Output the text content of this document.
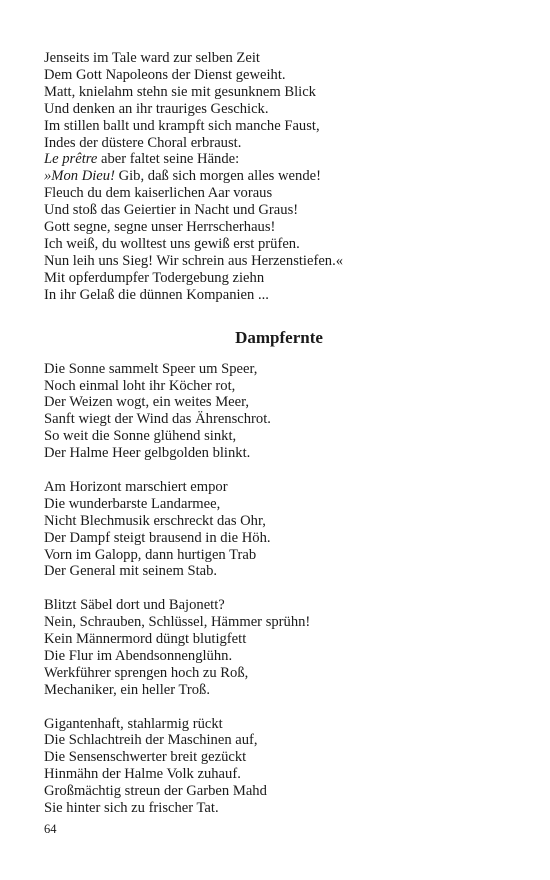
Jenseits im Tale ward zur selben Zeit
Dem Gott Napoleons der Dienst geweiht.
Matt, knielahm stehn sie mit gesunknem Blick
Und denken an ihr trauriges Geschick.
Im stillen ballt und krampft sich manche Faust,
Indes der düstere Choral erbraust.
Le prêtre aber faltet seine Hände:
»Mon Dieu! Gib, daß sich morgen alles wende!
Fleuch du dem kaiserlichen Aar voraus
Und stoß das Geiertier in Nacht und Graus!
Gott segne, segne unser Herrscherhaus!
Ich weiß, du wolltest uns gewiß erst prüfen.
Nun leih uns Sieg! Wir schrein aus Herzenstiefen.«
Mit opferdumpfer Todergebung ziehn
In ihr Gelaß die dünnen Kompanien ...
Dampfernte
Die Sonne sammelt Speer um Speer,
Noch einmal loht ihr Köcher rot,
Der Weizen wogt, ein weites Meer,
Sanft wiegt der Wind das Ährenschrot.
So weit die Sonne glühend sinkt,
Der Halme Heer gelbgolden blinkt.
Am Horizont marschiert empor
Die wunderbarste Landarmee,
Nicht Blechmusik erschreckt das Ohr,
Der Dampf steigt brausend in die Höh.
Vorn im Galopp, dann hurtigen Trab
Der General mit seinem Stab.
Blitzt Säbel dort und Bajonett?
Nein, Schrauben, Schlüssel, Hämmer sprühn!
Kein Männermord düngt blutigfett
Die Flur im Abendsonnenglühn.
Werkführer sprengen hoch zu Roß,
Mechaniker, ein heller Troß.
Gigantenhaft, stahlarmig rückt
Die Schlachtreih der Maschinen auf,
Die Sensenschwerter breit gezückt
Hinmähn der Halme Volk zuhauf.
Großmächtig streun der Garben Mahd
Sie hinter sich zu frischer Tat.
64
